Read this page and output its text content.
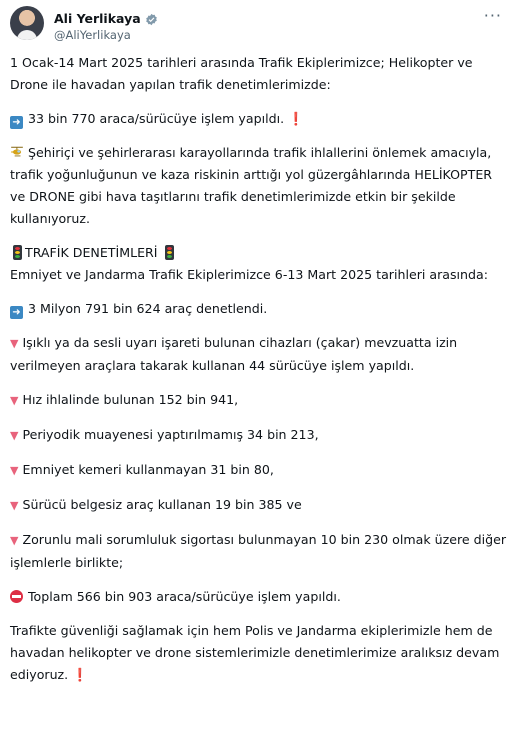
Ali Yerlikaya
@AliYerlikaya
···

1 Ocak-14 Mart 2025 tarihleri arasında Trafik Ekiplerimizce; Helikopter ve Drone ile havadan yapılan trafik denetimlerimizde:

➜ 33 bin 770 araca/sürücüye işlem yapıldı. ❗

Şehiriçi ve şehirlerarası karayollarında trafik ihlallerini önlemek amacıyla, trafik yoğunluğunun ve kaza riskinin arttığı yol güzergâhlarında HELİKOPTER ve DRONE gibi hava taşıtlarını trafik denetimlerimizde etkin bir şekilde kullanıyoruz.

TRAFİK DENETİMLERİ

Emniyet ve Jandarma Trafik Ekiplerimizce 6-13 Mart 2025 tarihleri arasında:

➜ 3 Milyon 791 bin 624 araç denetlendi.

▼ Işıklı ya da sesli uyarı işareti bulunan cihazları (çakar) mevzuatta izin verilmeyen araçlara takarak kullanan 44 sürücüye işlem yapıldı.

▼ Hız ihlalinde bulunan 152 bin 941,

▼ Periyodik muayenesi yaptırılmamış 34 bin 213,

▼ Emniyet kemeri kullanmayan 31 bin 80,

▼ Sürücü belgesiz araç kullanan 19 bin 385 ve

▼ Zorunlu mali sorumluluk sigortası bulunmayan 10 bin 230 olmak üzere diğer işlemlerle birlikte;

Toplam 566 bin 903 araca/sürücüye işlem yapıldı.

Trafikte güvenliği sağlamak için hem Polis ve Jandarma ekiplerimizle hem de havadan helikopter ve drone sistemlerimizle denetimlerimize aralıksız devam ediyoruz. ❗
